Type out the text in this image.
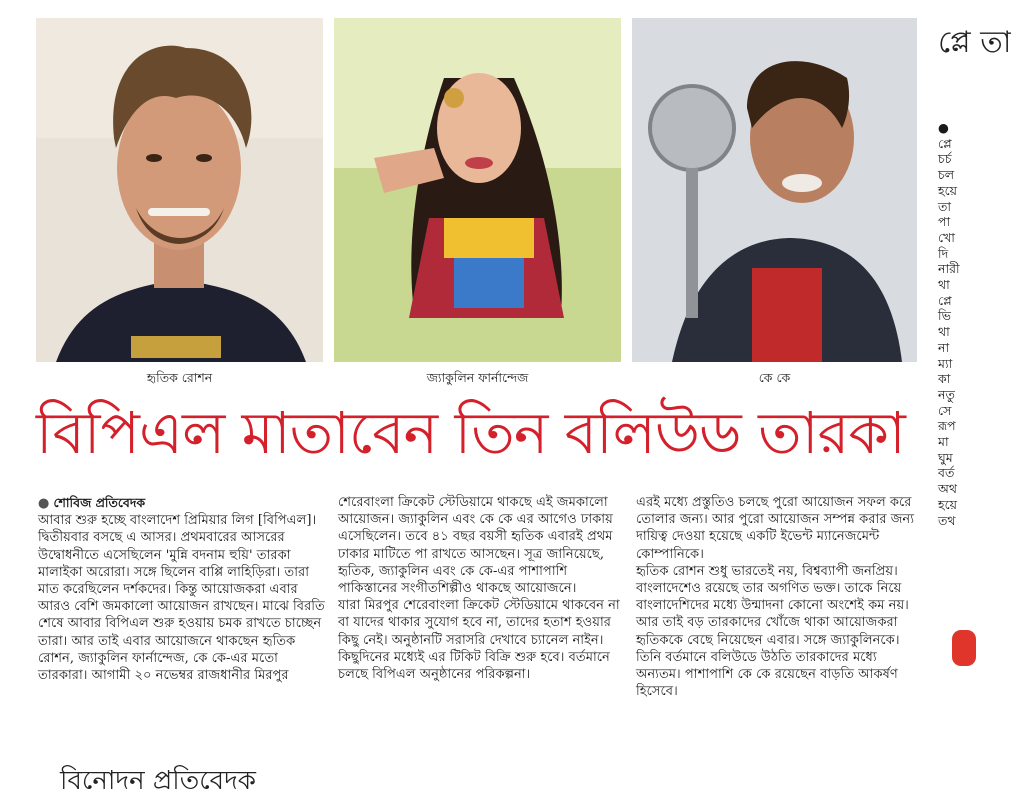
হৃতিক রোশন	জ্যাকুলিন ফার্নান্দেজ	কে কে
বিপিএল মাতাবেন তিন বলিউড তারকা

● শোবিজ প্রতিবেদক

আবার শুরু হচ্ছে বাংলাদেশ প্রিমিয়ার লিগ [বিপিএল]। দ্বিতীয়বার বসছে এ আসর। প্রথমবারের আসরের উদ্বোধনীতে এসেছিলেন 'মুন্নি বদনাম হুয়ি' তারকা মালাইকা অরোরা। সঙ্গে ছিলেন বাপ্পি লাহিড়িরা। তারা মাত করেছিলেন দর্শকদের। কিন্তু আয়োজকরা এবার আরও বেশি জমকালো আয়োজন রাখছেন। মাঝে বিরতি শেষে আবার বিপিএল শুরু হওয়ায় চমক রাখতে চাচ্ছেন তারা। আর তাই এবার আয়োজনে থাকছেন হৃতিক রোশন, জ্যাকুলিন ফার্নান্দেজ, কে কে-এর মতো তারকারা। আগামী ২০ নভেম্বর রাজধানীর মিরপুর

শেরেবাংলা ক্রিকেট স্টেডিয়ামে থাকছে এই জমকালো আয়োজন। জ্যাকুলিন এবং কে কে এর আগেও ঢাকায় এসেছিলেন। তবে ৪১ বছর বয়সী হৃতিক এবারই প্রথম ঢাকার মাটিতে পা রাখতে আসছেন। সূত্র জানিয়েছে, হৃতিক, জ্যাকুলিন এবং কে কে-এর পাশাপাশি পাকিস্তানের সংগীতশিল্পীও থাকছে আয়োজনে।

যারা মিরপুর শেরেবাংলা ক্রিকেট স্টেডিয়ামে থাকবেন না বা যাদের থাকার সুযোগ হবে না, তাদের হতাশ হওয়ার কিছু নেই। অনুষ্ঠানটি সরাসরি দেখাবে চ্যানেল নাইন। কিছুদিনের মধ্যেই এর টিকিট বিক্রি শুরু হবে। বর্তমানে চলছে বিপিএল অনুষ্ঠানের পরিকল্পনা।

এরই মধ্যে প্রস্তুতিও চলছে পুরো আয়োজন সফল করে তোলার জন্য। আর পুরো আয়োজন সম্পন্ন করার জন্য দায়িত্ব দেওয়া হয়েছে একটি ইভেন্ট ম্যানেজমেন্ট কোম্পানিকে।

হৃতিক রোশন শুধু ভারতেই নয়, বিশ্বব্যাপী জনপ্রিয়। বাংলাদেশেও রয়েছে তার অগণিত ভক্ত। তাকে নিয়ে বাংলাদেশিদের মধ্যে উন্মাদনা কোনো অংশেই কম নয়। আর তাই বড় তারকাদের খোঁজে থাকা আয়োজকরা হৃতিককে বেছে নিয়েছেন এবার। সঙ্গে জ্যাকুলিনকে। তিনি বর্তমানে বলিউডে উঠতি তারকাদের মধ্যে অন্যতম। পাশাপাশি কে কে রয়েছেন বাড়তি আকর্ষণ হিসেবে।

প্লে তা
●
প্লে
চর্চ
চল
হয়ে
তা
পা
খো
দি
নারী
থা
প্লে
ভি
থা
না
ম্যা
কা
নতু
সে
রূপ
মা
ঘুম
বর্ত
অথ
হয়ে
তথ
বিনোদন প্রতিবেদক
